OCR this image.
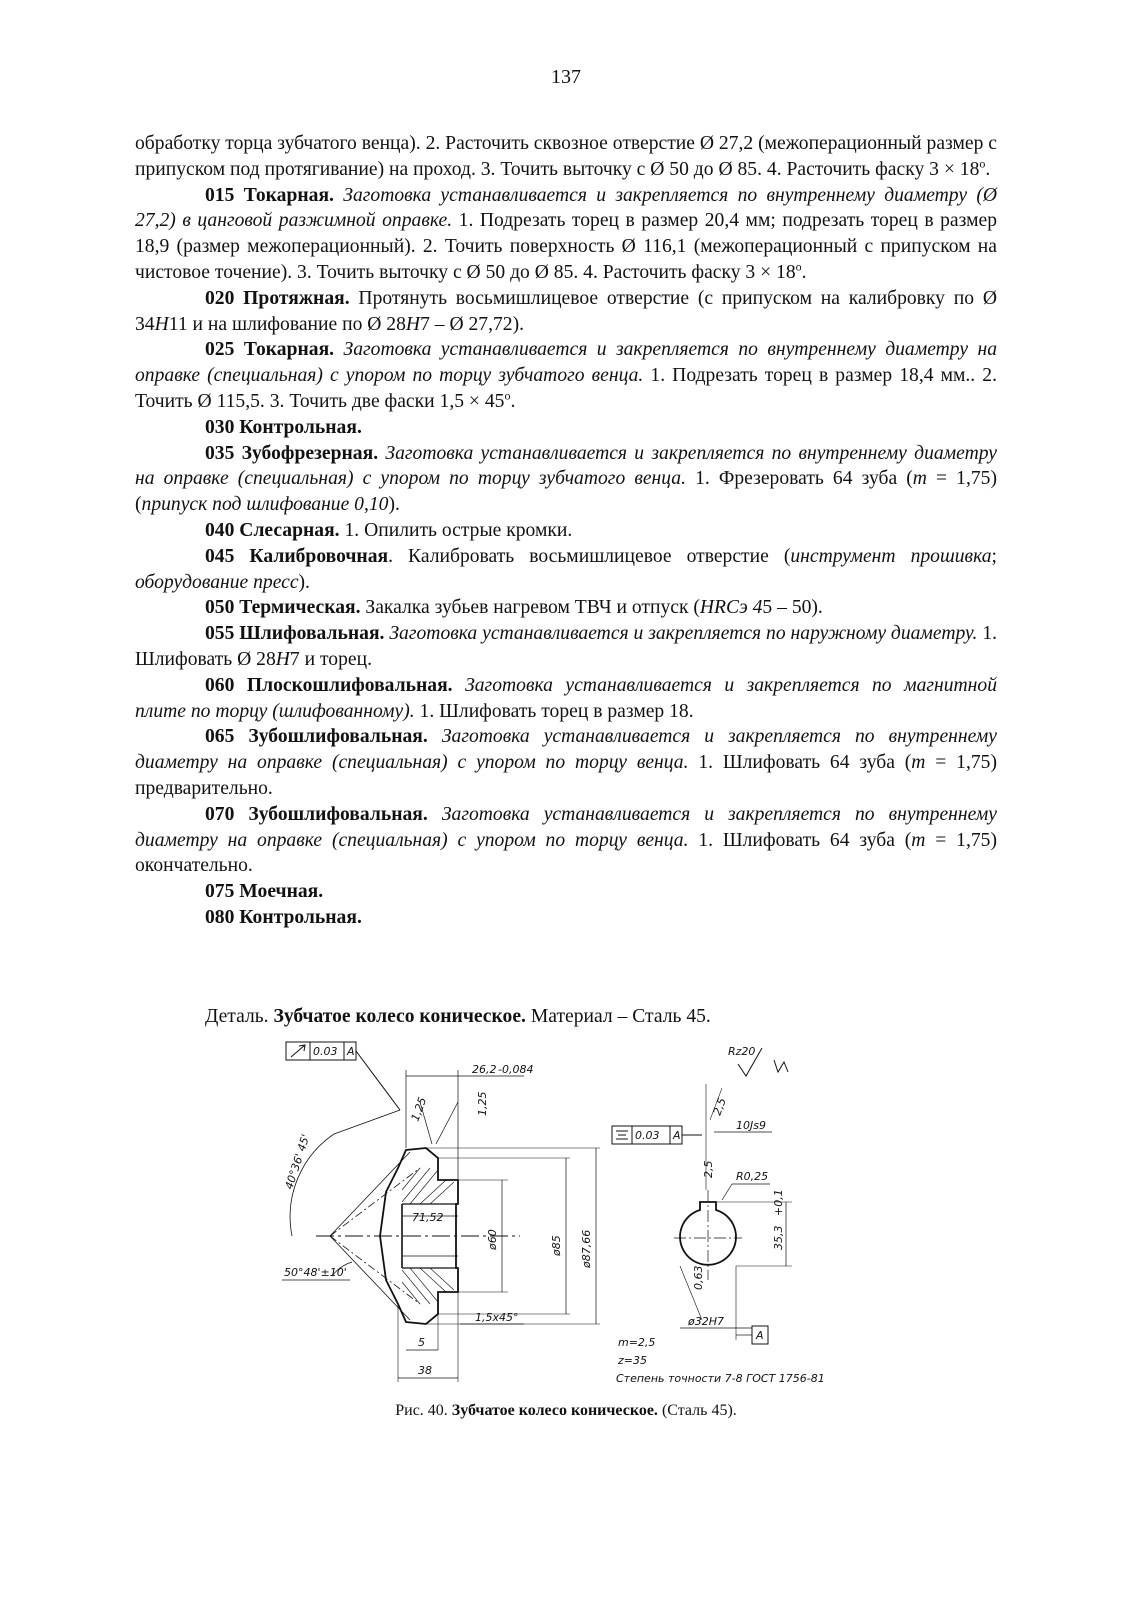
137

обработку торца зубчатого венца). 2. Расточить сквозное отверстие Ø 27,2 (межоперационный размер с припуском под протягивание) на проход. 3. Точить выточку с Ø 50 до Ø 85. 4. Расточить фаску $3 \times 18^о$.

015 Токарная. Заготовка устанавливается и закрепляется по внутреннему диаметру (Ø 27,2) в цанговой разжимной оправке. 1. Подрезать торец в размер 20,4 мм; подрезать торец в размер 18,9 (размер межоперационный). 2. Точить поверхность Ø 116,1 (межоперационный с припуском на чистовое точение). 3. Точить выточку с Ø 50 до Ø 85. 4. Расточить фаску $3 \times 18^о$.

020 Протяжная. Протянуть восьмишлицевое отверстие (с припуском на калибровку по Ø 34H11 и на шлифование по Ø 28H7 – Ø 27,72).

025 Токарная. Заготовка устанавливается и закрепляется по внутреннему диаметру на оправке (специальная) с упором по торцу зубчатого венца. 1. Подрезать торец в размер 18,4 мм.. 2. Точить Ø 115,5. 3. Точить две фаски $1,5 \times 45^о$.

030 Контрольная.

035 Зубофрезерная. Заготовка устанавливается и закрепляется по внутреннему диаметру на оправке (специальная) с упором по торцу зубчатого венца. 1. Фрезеровать 64 зуба (m = 1,75) (припуск под шлифование 0,10).

040 Слесарная. 1. Опилить острые кромки.

045 Калибровочная. Калибровать восьмишлицевое отверстие (инструмент прошивка; оборудование пресс).

050 Термическая. Закалка зубьев нагревом ТВЧ и отпуск (HRCэ 45 – 50).

055 Шлифовальная. Заготовка устанавливается и закрепляется по наружному диаметру. 1. Шлифовать Ø 28H7 и торец.

060 Плоскошлифовальная. Заготовка устанавливается и закрепляется по магнитной плите по торцу (шлифованному). 1. Шлифовать торец в размер 18.

065 Зубошлифовальная. Заготовка устанавливается и закрепляется по внутреннему диаметру на оправке (специальная) с упором по торцу венца. 1. Шлифовать 64 зуба (m = 1,75) предварительно.

070 Зубошлифовальная. Заготовка устанавливается и закрепляется по внутреннему диаметру на оправке (специальная) с упором по торцу венца. 1. Шлифовать 64 зуба (m = 1,75) окончательно.

075 Моечная.

080 Контрольная.

Деталь. Зубчатое колесо коническое. Материал – Сталь 45.
0.03 A
40°36' 45'
71,52
26,2 -0,084
1,25	1,25
ø60	ø85 ø87,66
50°48'±10'
1,5x45°
5
38
Rz20
0.03 A
2,5
2,5
10Js9
R0,25
35,3
+0,1
0,63
ø32H7
A
m=2,5
z=35
Степень точности 7-8 ГОСТ 1756-81
Рис. 40. Зубчатое колесо коническое. (Сталь 45).
